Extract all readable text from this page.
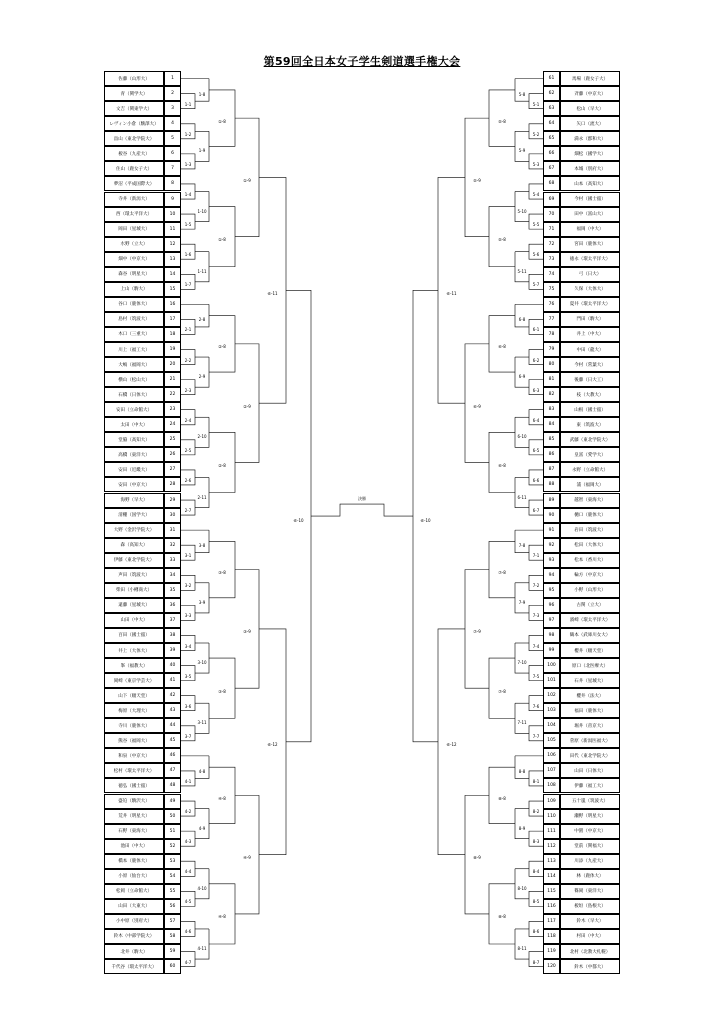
第59回全日本女子学生剣道選手権大会
佐藤（山形大）	1	61	馬場（鹿女子大）
青（関学大）	2	62	斉藤（中京大）
文吉（関東学大）	3	63	松山（早大）
レヴィン小倉（駒澤大）	4	64	矢口（流大）
畠山（東北学院大）	5	65	満永（郡和大）
板谷（九産大）	6	66	畑松（國学大）
住山（鹿女子大）	7	67	本城（別府大）
夢沼（平成国際大）	8	68	山本（高知大）
寺井（新潟大）	9	69	今村（國士舘）
西（環太平洋大）	10	70	田中（富山大）
岡田（星城大）	11	71	福岡（中大）
水野（立大）	12	72	宮田（鹿体大）
畑中（中京大）	13	73	徳永（環太平洋大）
森谷（明星大）	14	74	弓（日大）
上山（駒大）	15	75	久保（大体大）
谷口（鹿体大）	16	76	夏井（環太平洋大）
島村（筑波大）	17	77	門田（駒大）
木口（三重大）	18	78	井上（中大）
川上（福工大）	19	79	中田（龍大）
大嶋（福岡大）	20	80	今村（常葉大）
横山（松山大）	21	81	後藤（日大工）
石橋（日体大）	22	82	枝（大教大）
安田（立命館大）	23	83	山根（國士舘）
太田（中大）	24	84	東（筑波大）
堂脇（高知大）	25	85	武藤（東北学院大）
高橋（東洋大）	26	86	皇富（愛学大）
安田（近畿大）	27	87	永野（立命館大）
安田（中京大）	28	88	浦（福岡大）
海野（早大）	29	89	越智（東海大）
清棚（国学大）	30	90	樋口（鹿体大）
大野（金沢学院大）	31	91	岩田（筑波大）
森（高知大）	32	92	松田（大体大）
伊藤（東北学院大）	33	93	松本（香川大）
声田（筑波大）	34	94	輪方（中京大）
柴田（小樽商大）	35	95	小野（山形大）
遠藤（星城大）	36	96	古関（立大）
山田（中大）	37	97	濱崎（環太平洋大）
百田（國士舘）	38	98	鶴本（武庫川女大）
井上（大体大）	39	99	櫻井（順天堂）
峯（福教大）	40	100	原口（北医療大）
岡崎（東京学芸大）	41	101	石井（星城大）
山下（順天堂）	42	102	櫻井（法大）
梅原（大理大）	43	103	福田（鹿体大）
寺川（鹿体大）	44	104	堀井（帝京大）
熊谷（福岡大）	45	105	菅原（新潟医福大）
和泉（中京大）	46	106	田代（東北学院大）
松村（環太平洋大）	47	107	山田（日体大）
徳弘（國士舘）	48	108	伊藤（福工大）
盛迫（駒沢大）	49	109	五十嵐（筑波大）
荒井（明星大）	50	110	瀬野（明星大）
石野（東海大）	51	111	中園（中京大）
池田（中大）	52	112	堂前（関福大）
橋本（鹿体大）	53	113	川添（九産大）
小原（仙台大）	54	114	林（鹿体大）
松岡（立命館大）	55	115	篠岡（東洋大）
山田（大東大）	56	116	板垣（島根大）
小中原（別府大）	57	117	鈴木（早大）
鈴木（中部学院大）	58	118	村田（中大）
北井（駒大）	59	119	北村（北教大札幌）
千代谷（環太平洋大）	60	120	鈴木（中都大）
1-1
1-2
1-3
1-4
1-5
1-6
1-7
2-1
2-2
2-3
2-4
2-5
2-6
2-7
3-1
3-2
3-3
3-4
3-5
3-6
3-7
4-1
4-2
4-3
4-4
4-5
4-6
4-7
1-8
1-9
1-10
1-11
2-8
2-9
2-10
2-11
3-8
3-9
3-10
3-11
4-8
4-9
4-10
4-11
①-8
①-8
②-8
②-8
③-8
③-8
④-8
④-8
①-9
②-9
③-9
④-9
⑥-11
⑥-12
⑥-10
5-1
5-2
5-3
5-4
5-5
5-6
5-7
6-1
6-2
6-3
6-4
6-5
6-6
6-7
7-1
7-2
7-3
7-4
7-5
7-6
7-7
8-1
8-2
8-3
8-4
8-5
8-6
8-7
5-8
5-9
5-10
5-11
6-8
6-9
6-10
6-11
7-8
7-9
7-10
7-11
8-8
8-9
8-10
8-11
⑤-8
⑤-8
⑥-8
⑥-8
⑦-8
⑦-8
⑧-8
⑧-8
⑤-9
⑥-9
⑦-9
⑧-9
⑥-11
⑥-12
⑥-10
決勝
